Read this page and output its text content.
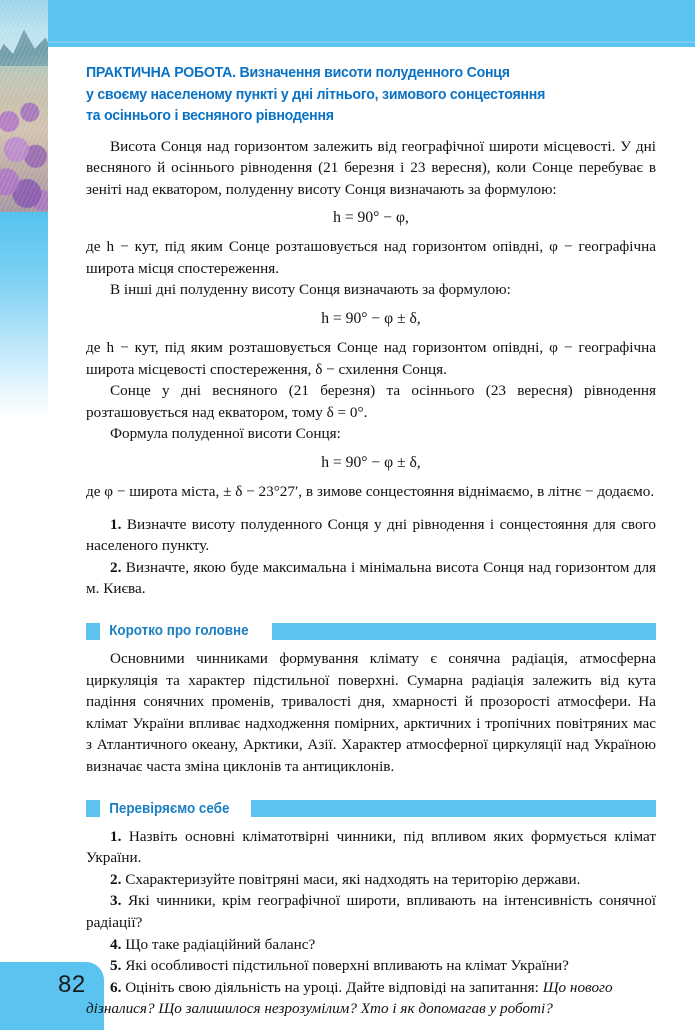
82
ПРАКТИЧНА РОБОТА. Визначення висоти полуденного Сонця
у своєму населеному пункті у дні літнього, зимового сонцестояння
та осіннього і весняного рівнодення

Висота Сонця над горизонтом залежить від географічної широти місцевості. У дні весняного й осіннього рівнодення (21 березня і 23 вересня), коли Сонце перебуває в зеніті над екватором, полуденну висоту Сонця визначають за формулою:

h = 90° − φ,

де h − кут, під яким Сонце розташовується над горизонтом опівдні, φ − географічна широта місця спостереження.

В інші дні полуденну висоту Сонця визначають за формулою:

h = 90° − φ ± δ,

де h − кут, під яким розташовується Сонце над горизонтом опівдні, φ − географічна широта місцевості спостереження, δ − схилення Сонця.

Сонце у дні весняного (21 березня) та осіннього (23 вересня) рівнодення розташовується над екватором, тому δ = 0°.

Формула полуденної висоти Сонця:

h = 90° − φ ± δ,

де φ − широта міста, ± δ − 23°27′, в зимове сонцестояння віднімаємо, в літнє − додаємо.

1. Визначте висоту полуденного Сонця у дні рівнодення і сонцестояння для свого населеного пункту.

2. Визначте, якою буде максимальна і мінімальна висота Сонця над горизонтом для м. Києва.

Коротко про головне

Основними чинниками формування клімату є сонячна радіація, атмосферна циркуляція та характер підстильної поверхні. Сумарна радіація залежить від кута падіння сонячних променів, тривалості дня, хмарності й прозорості атмосфери. На клімат України впливає надходження помірних, арктичних і тропічних повітряних мас з Атлантичного океану, Арктики, Азії. Характер атмосферної циркуляції над Україною визначає часта зміна циклонів та антициклонів.

Перевіряємо себе

1. Назвіть основні кліматотвірні чинники, під впливом яких формується клімат України.

2. Схарактеризуйте повітряні маси, які надходять на територію держави.

3. Які чинники, крім географічної широти, впливають на інтенсивність сонячної радіації?

4. Що таке радіаційний баланс?

5. Які особливості підстильної поверхні впливають на клімат України?

6. Оцініть свою діяльність на уроці. Дайте відповіді на запитання: Що нового дізналися? Що залишилося незрозумілим? Хто і як допомагав у роботі?
